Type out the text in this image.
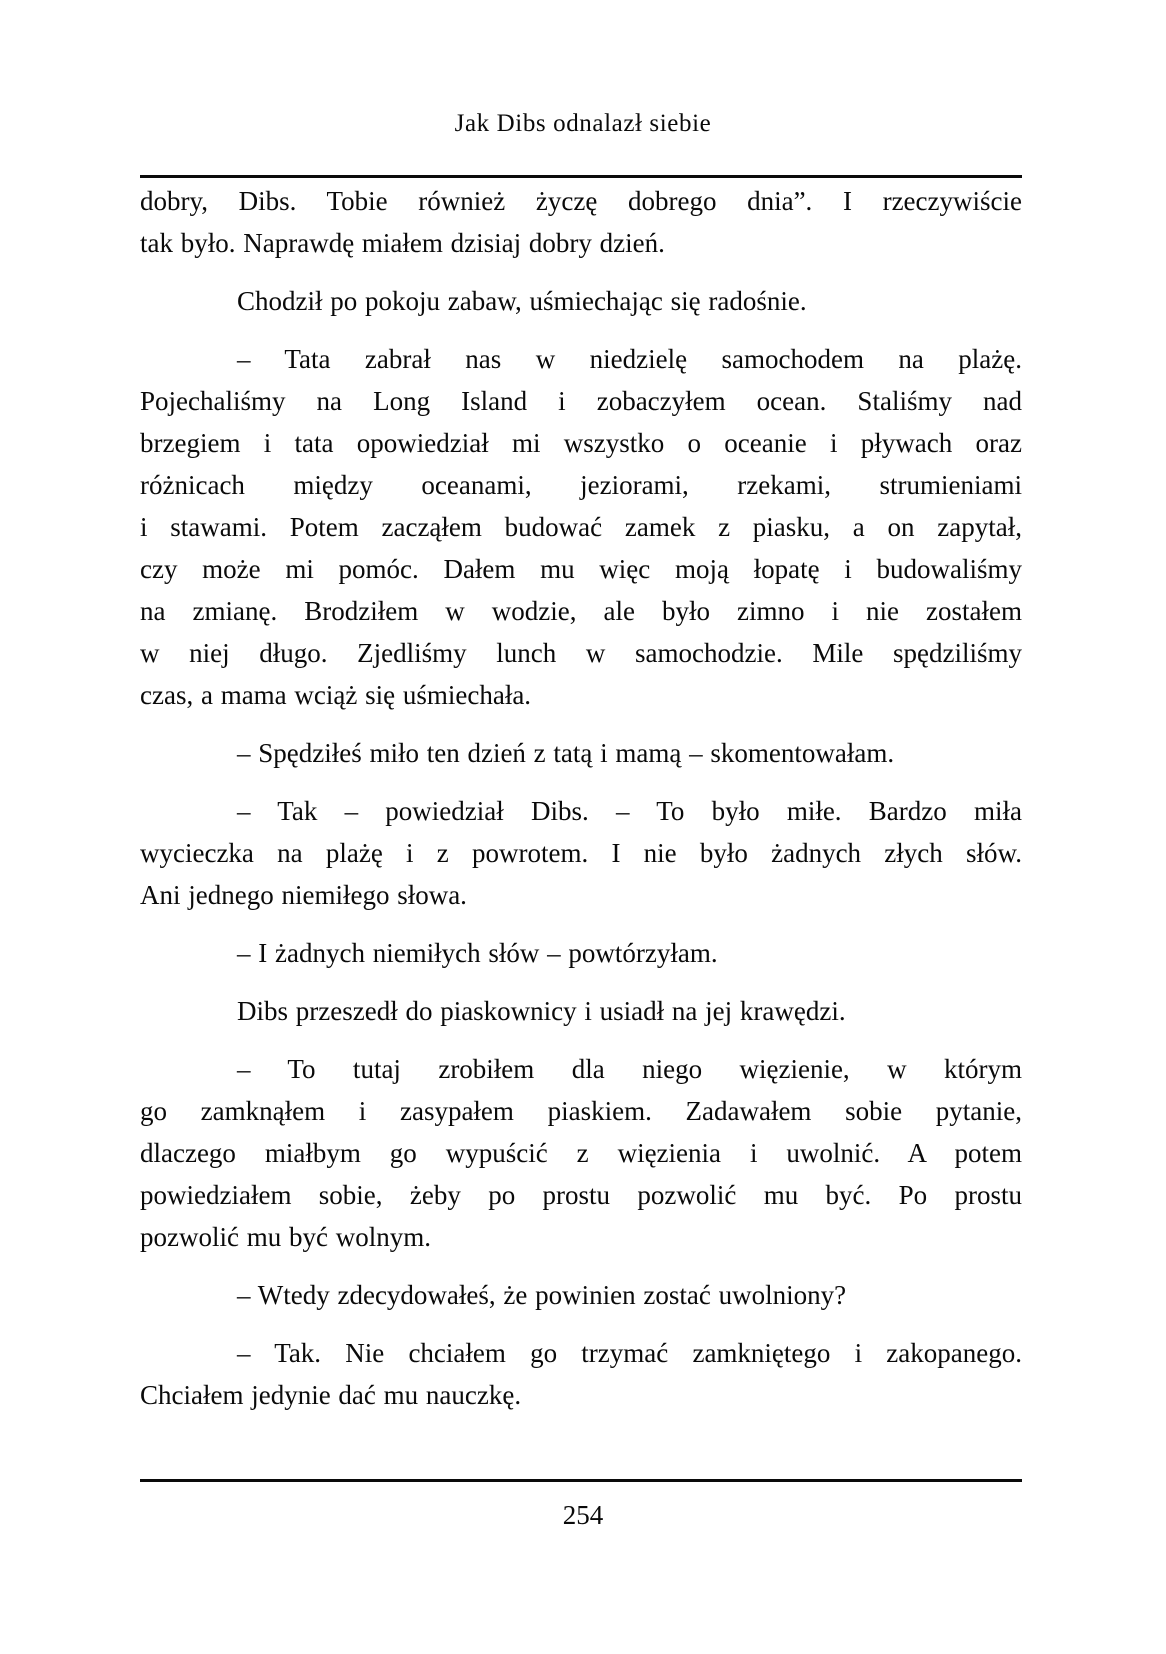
Jak Dibs odnalazł siebie
dobry, Dibs. Tobie również życzę dobrego dnia”. I rzeczywiście
tak było. Naprawdę miałem dzisiaj dobry dzień.
Chodził po pokoju zabaw, uśmiechając się radośnie.
– Tata zabrał nas w niedzielę samochodem na plażę.
Pojechaliśmy na Long Island i zobaczyłem ocean. Staliśmy nad
brzegiem i tata opowiedział mi wszystko o oceanie i pływach oraz
różnicach między oceanami, jeziorami, rzekami, strumieniami
i stawami. Potem zacząłem budować zamek z piasku, a on zapytał,
czy może mi pomóc. Dałem mu więc moją łopatę i budowaliśmy
na zmianę. Brodziłem w wodzie, ale było zimno i nie zostałem
w niej długo. Zjedliśmy lunch w samochodzie. Mile spędziliśmy
czas, a mama wciąż się uśmiechała.
– Spędziłeś miło ten dzień z tatą i mamą – skomentowałam.
– Tak – powiedział Dibs. – To było miłe. Bardzo miła
wycieczka na plażę i z powrotem. I nie było żadnych złych słów.
Ani jednego niemiłego słowa.
– I żadnych niemiłych słów – powtórzyłam.
Dibs przeszedł do piaskownicy i usiadł na jej krawędzi.
– To tutaj zrobiłem dla niego więzienie, w którym
go zamknąłem i zasypałem piaskiem. Zadawałem sobie pytanie,
dlaczego miałbym go wypuścić z więzienia i uwolnić. A potem
powiedziałem sobie, żeby po prostu pozwolić mu być. Po prostu
pozwolić mu być wolnym.
– Wtedy zdecydowałeś, że powinien zostać uwolniony?
– Tak. Nie chciałem go trzymać zamkniętego i zakopanego.
Chciałem jedynie dać mu nauczkę.
254
